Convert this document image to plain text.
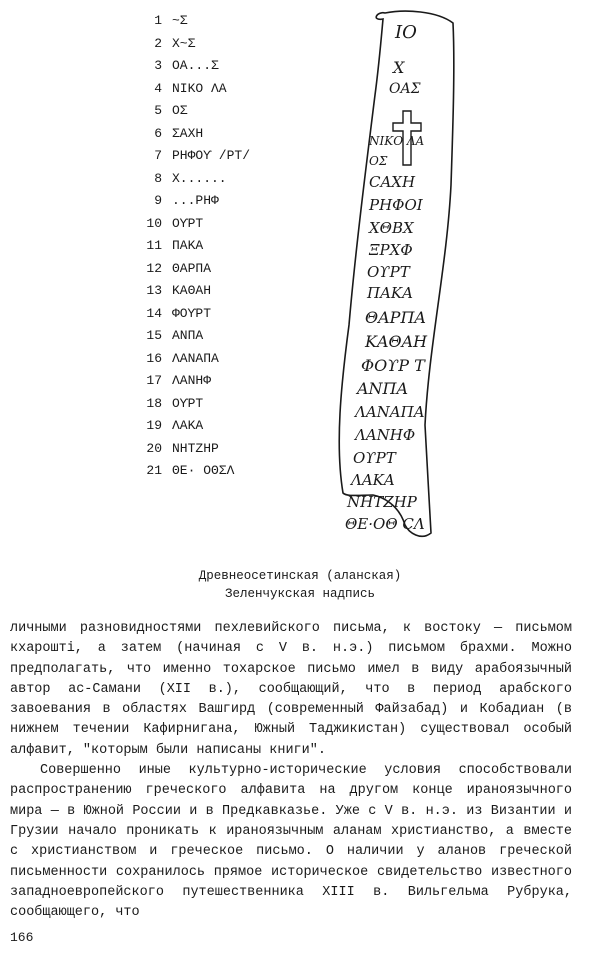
1 ~Σ
2 X~Σ
3 ΟΑ...Σ
4 NIKO ΛA
5 ΟΣ
6 ΣΑΧΗ
7 ΡΗΦΟϒ /PT/
8 X......
9 ...ΡΗΦ
10 ΟϒΡΤ
11 ΠAKA
12 ΘΑΡΠΑ
13 ΚΑΘΑΗ
14 ΦΟϒΡΤ
15 ΑΝΠΑ
16 ΛΑΝΑΠΑ
17 ΛΑΝΗΦ
18 ΟϒΡΤ
19 ΛΑΚΑ
20 ΝΗΤΖΗΡ
21 ΘΕ· ΟΘΣΛ
ΙΟ
Χ
ΟΑΣ
ΝΙΚΟ ΛΑ
ΟΣ
СΑΧΗ
ΡΗΦΟΙ
ΧΘΒΧ
ΞΡΧΦ
ΟϒΡΤ
ΠΑΚΑ
ΘΑΡΠΑ
ΚΑΘΑΗ
ΦΟϒΡ Τ
ΑΝΠΑ
ΛΑΝΑΠΑ
ΛΑΝΗΦ
ΟϒΡΤ
ΛΑΚΑ
ΝΗΤΖΗΡ
ΘΕ·ΟΘ CΛ
Древнеосетинская (аланская)
Зеленчукская надпись

личными разновидностями пехлевийского письма, к востоку — письмом кхароштi, а затем (начиная с V в. н.э.) письмом брахми. Можно предполагать, что именно тохарское письмо имел в виду арабоязычный автор ас-Самани (XII в.), сообщающий, что в период арабского завоевания в областях Вашгирд (современный Файзабад) и Кобадиан (в нижнем течении Кафирнигана, Южный Таджикистан) существовал особый алфавит, "которым были написаны книги".

Совершенно иные культурно-исторические условия способствовали распространению греческого алфавита на другом конце ираноязычного мира — в Южной России и в Предкавказье. Уже с V в. н.э. из Византии и Грузии начало проникать к ираноязычным аланам христианство, а вместе с христианством и греческое письмо. О наличии у аланов греческой письменности сохранилось прямое историческое свидетельство известного западноевропейского путешественника XIII в. Вильгельма Рубрука, сообщающего, что

166
